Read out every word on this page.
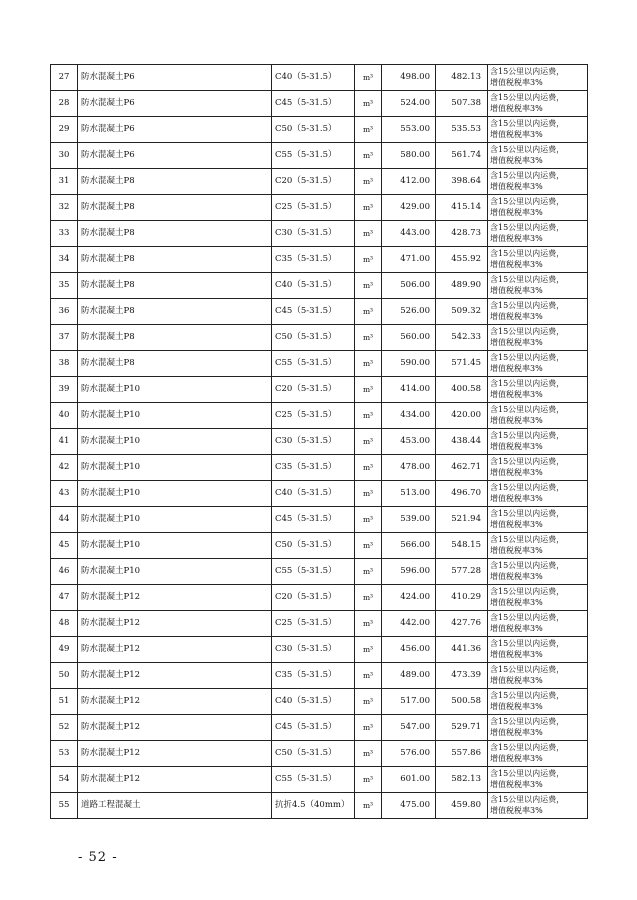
27	防水混凝土P6	C40（5-31.5）	m³	498.00	482.13	含15公里以内运费，
增值税税率3%

28	防水混凝土P6	C45（5-31.5）	m³	524.00	507.38	含15公里以内运费，
增值税税率3%

29	防水混凝土P6	C50（5-31.5）	m³	553.00	535.53	含15公里以内运费，
增值税税率3%

30	防水混凝土P6	C55（5-31.5）	m³	580.00	561.74	含15公里以内运费，
增值税税率3%

31	防水混凝土P8	C20（5-31.5）	m³	412.00	398.64	含15公里以内运费，
增值税税率3%

32	防水混凝土P8	C25（5-31.5）	m³	429.00	415.14	含15公里以内运费，
增值税税率3%

33	防水混凝土P8	C30（5-31.5）	m³	443.00	428.73	含15公里以内运费，
增值税税率3%

34	防水混凝土P8	C35（5-31.5）	m³	471.00	455.92	含15公里以内运费，
增值税税率3%

35	防水混凝土P8	C40（5-31.5）	m³	506.00	489.90	含15公里以内运费，
增值税税率3%

36	防水混凝土P8	C45（5-31.5）	m³	526.00	509.32	含15公里以内运费，
增值税税率3%

37	防水混凝土P8	C50（5-31.5）	m³	560.00	542.33	含15公里以内运费，
增值税税率3%

38	防水混凝土P8	C55（5-31.5）	m³	590.00	571.45	含15公里以内运费，
增值税税率3%

39	防水混凝土P10	C20（5-31.5）	m³	414.00	400.58	含15公里以内运费，
增值税税率3%

40	防水混凝土P10	C25（5-31.5）	m³	434.00	420.00	含15公里以内运费，
增值税税率3%

41	防水混凝土P10	C30（5-31.5）	m³	453.00	438.44	含15公里以内运费，
增值税税率3%

42	防水混凝土P10	C35（5-31.5）	m³	478.00	462.71	含15公里以内运费，
增值税税率3%

43	防水混凝土P10	C40（5-31.5）	m³	513.00	496.70	含15公里以内运费，
增值税税率3%

44	防水混凝土P10	C45（5-31.5）	m³	539.00	521.94	含15公里以内运费，
增值税税率3%

45	防水混凝土P10	C50（5-31.5）	m³	566.00	548.15	含15公里以内运费，
增值税税率3%

46	防水混凝土P10	C55（5-31.5）	m³	596.00	577.28	含15公里以内运费，
增值税税率3%

47	防水混凝土P12	C20（5-31.5）	m³	424.00	410.29	含15公里以内运费，
增值税税率3%

48	防水混凝土P12	C25（5-31.5）	m³	442.00	427.76	含15公里以内运费，
增值税税率3%

49	防水混凝土P12	C30（5-31.5）	m³	456.00	441.36	含15公里以内运费，
增值税税率3%

50	防水混凝土P12	C35（5-31.5）	m³	489.00	473.39	含15公里以内运费，
增值税税率3%

51	防水混凝土P12	C40（5-31.5）	m³	517.00	500.58	含15公里以内运费，
增值税税率3%

52	防水混凝土P12	C45（5-31.5）	m³	547.00	529.71	含15公里以内运费，
增值税税率3%

53	防水混凝土P12	C50（5-31.5）	m³	576.00	557.86	含15公里以内运费，
增值税税率3%

54	防水混凝土P12	C55（5-31.5）	m³	601.00	582.13	含15公里以内运费，
增值税税率3%

55	道路工程混凝土	抗折4.5（40mm）	m³	475.00	459.80	含15公里以内运费，
增值税税率3%
- 52 -
